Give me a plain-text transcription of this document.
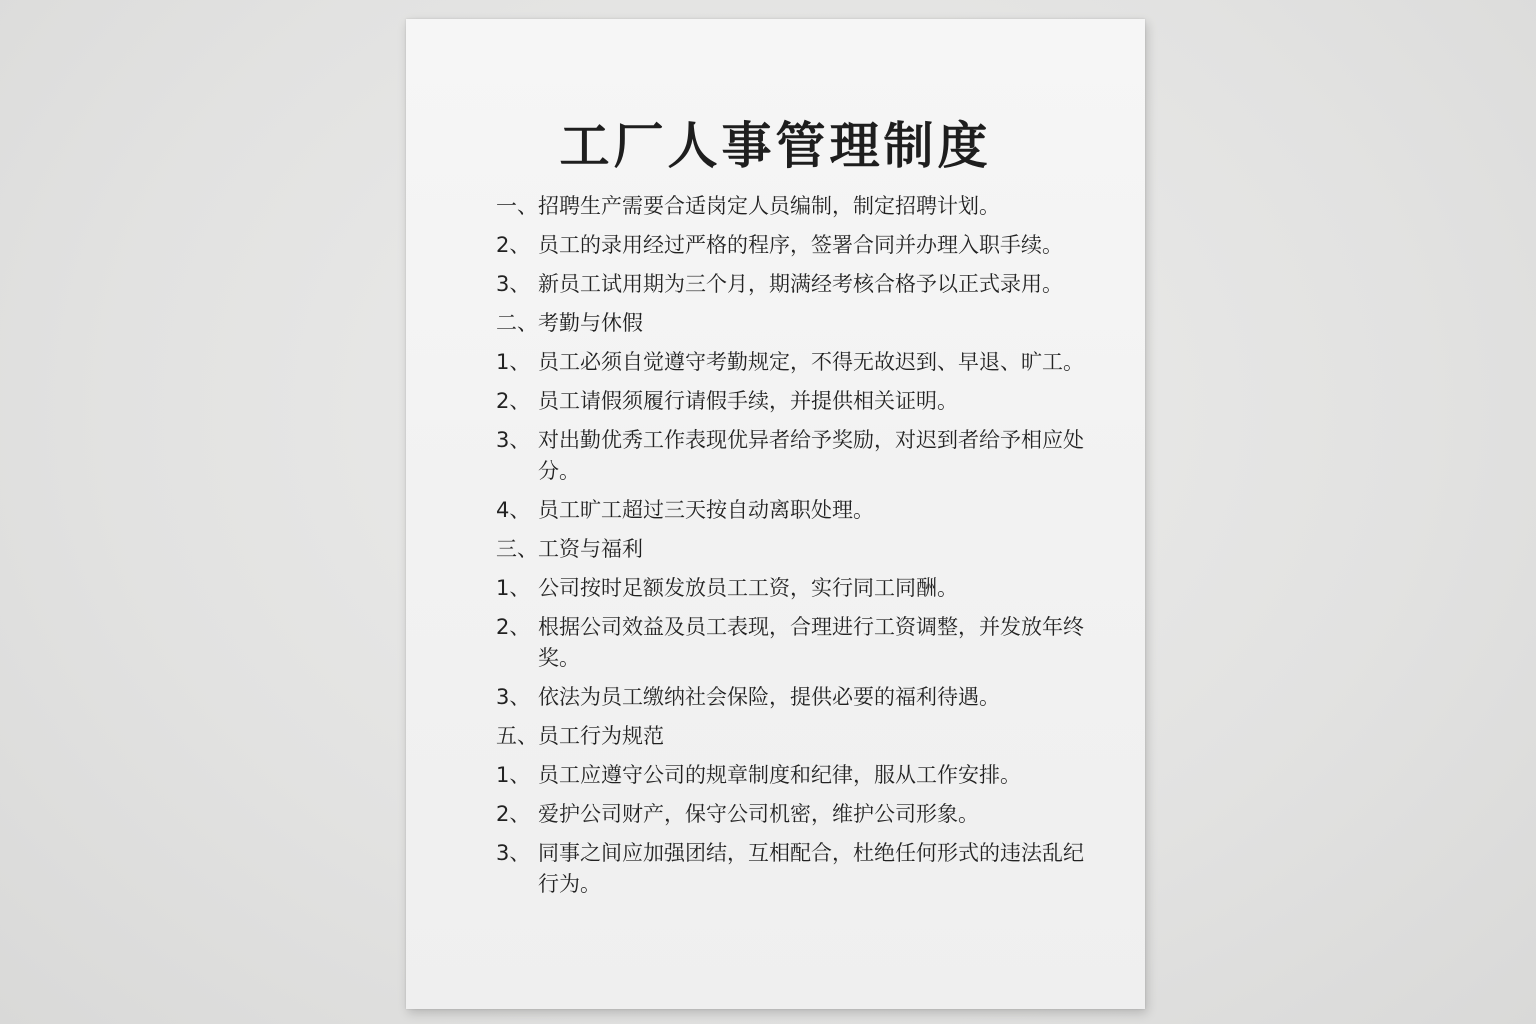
工厂人事管理制度
一、 招聘生产需要合适岗定人员编制，制定招聘计划。
2、 员工的录用经过严格的程序，签署合同并办理入职手续。
3、 新员工试用期为三个月，期满经考核合格予以正式录用。
二、 考勤与休假
1、 员工必须自觉遵守考勤规定，不得无故迟到、早退、旷工。
2、 员工请假须履行请假手续，并提供相关证明。
3、 对出勤优秀工作表现优异者给予奖励，对迟到者给予相应处分。
4、 员工旷工超过三天按自动离职处理。
三、 工资与福利
1、 公司按时足额发放员工工资，实行同工同酬。
2、 根据公司效益及员工表现，合理进行工资调整，并发放年终奖。
3、 依法为员工缴纳社会保险，提供必要的福利待遇。
五、 员工行为规范
1、 员工应遵守公司的规章制度和纪律，服从工作安排。
2、 爱护公司财产，保守公司机密，维护公司形象。
3、 同事之间应加强团结，互相配合，杜绝任何形式的违法乱纪行为。
